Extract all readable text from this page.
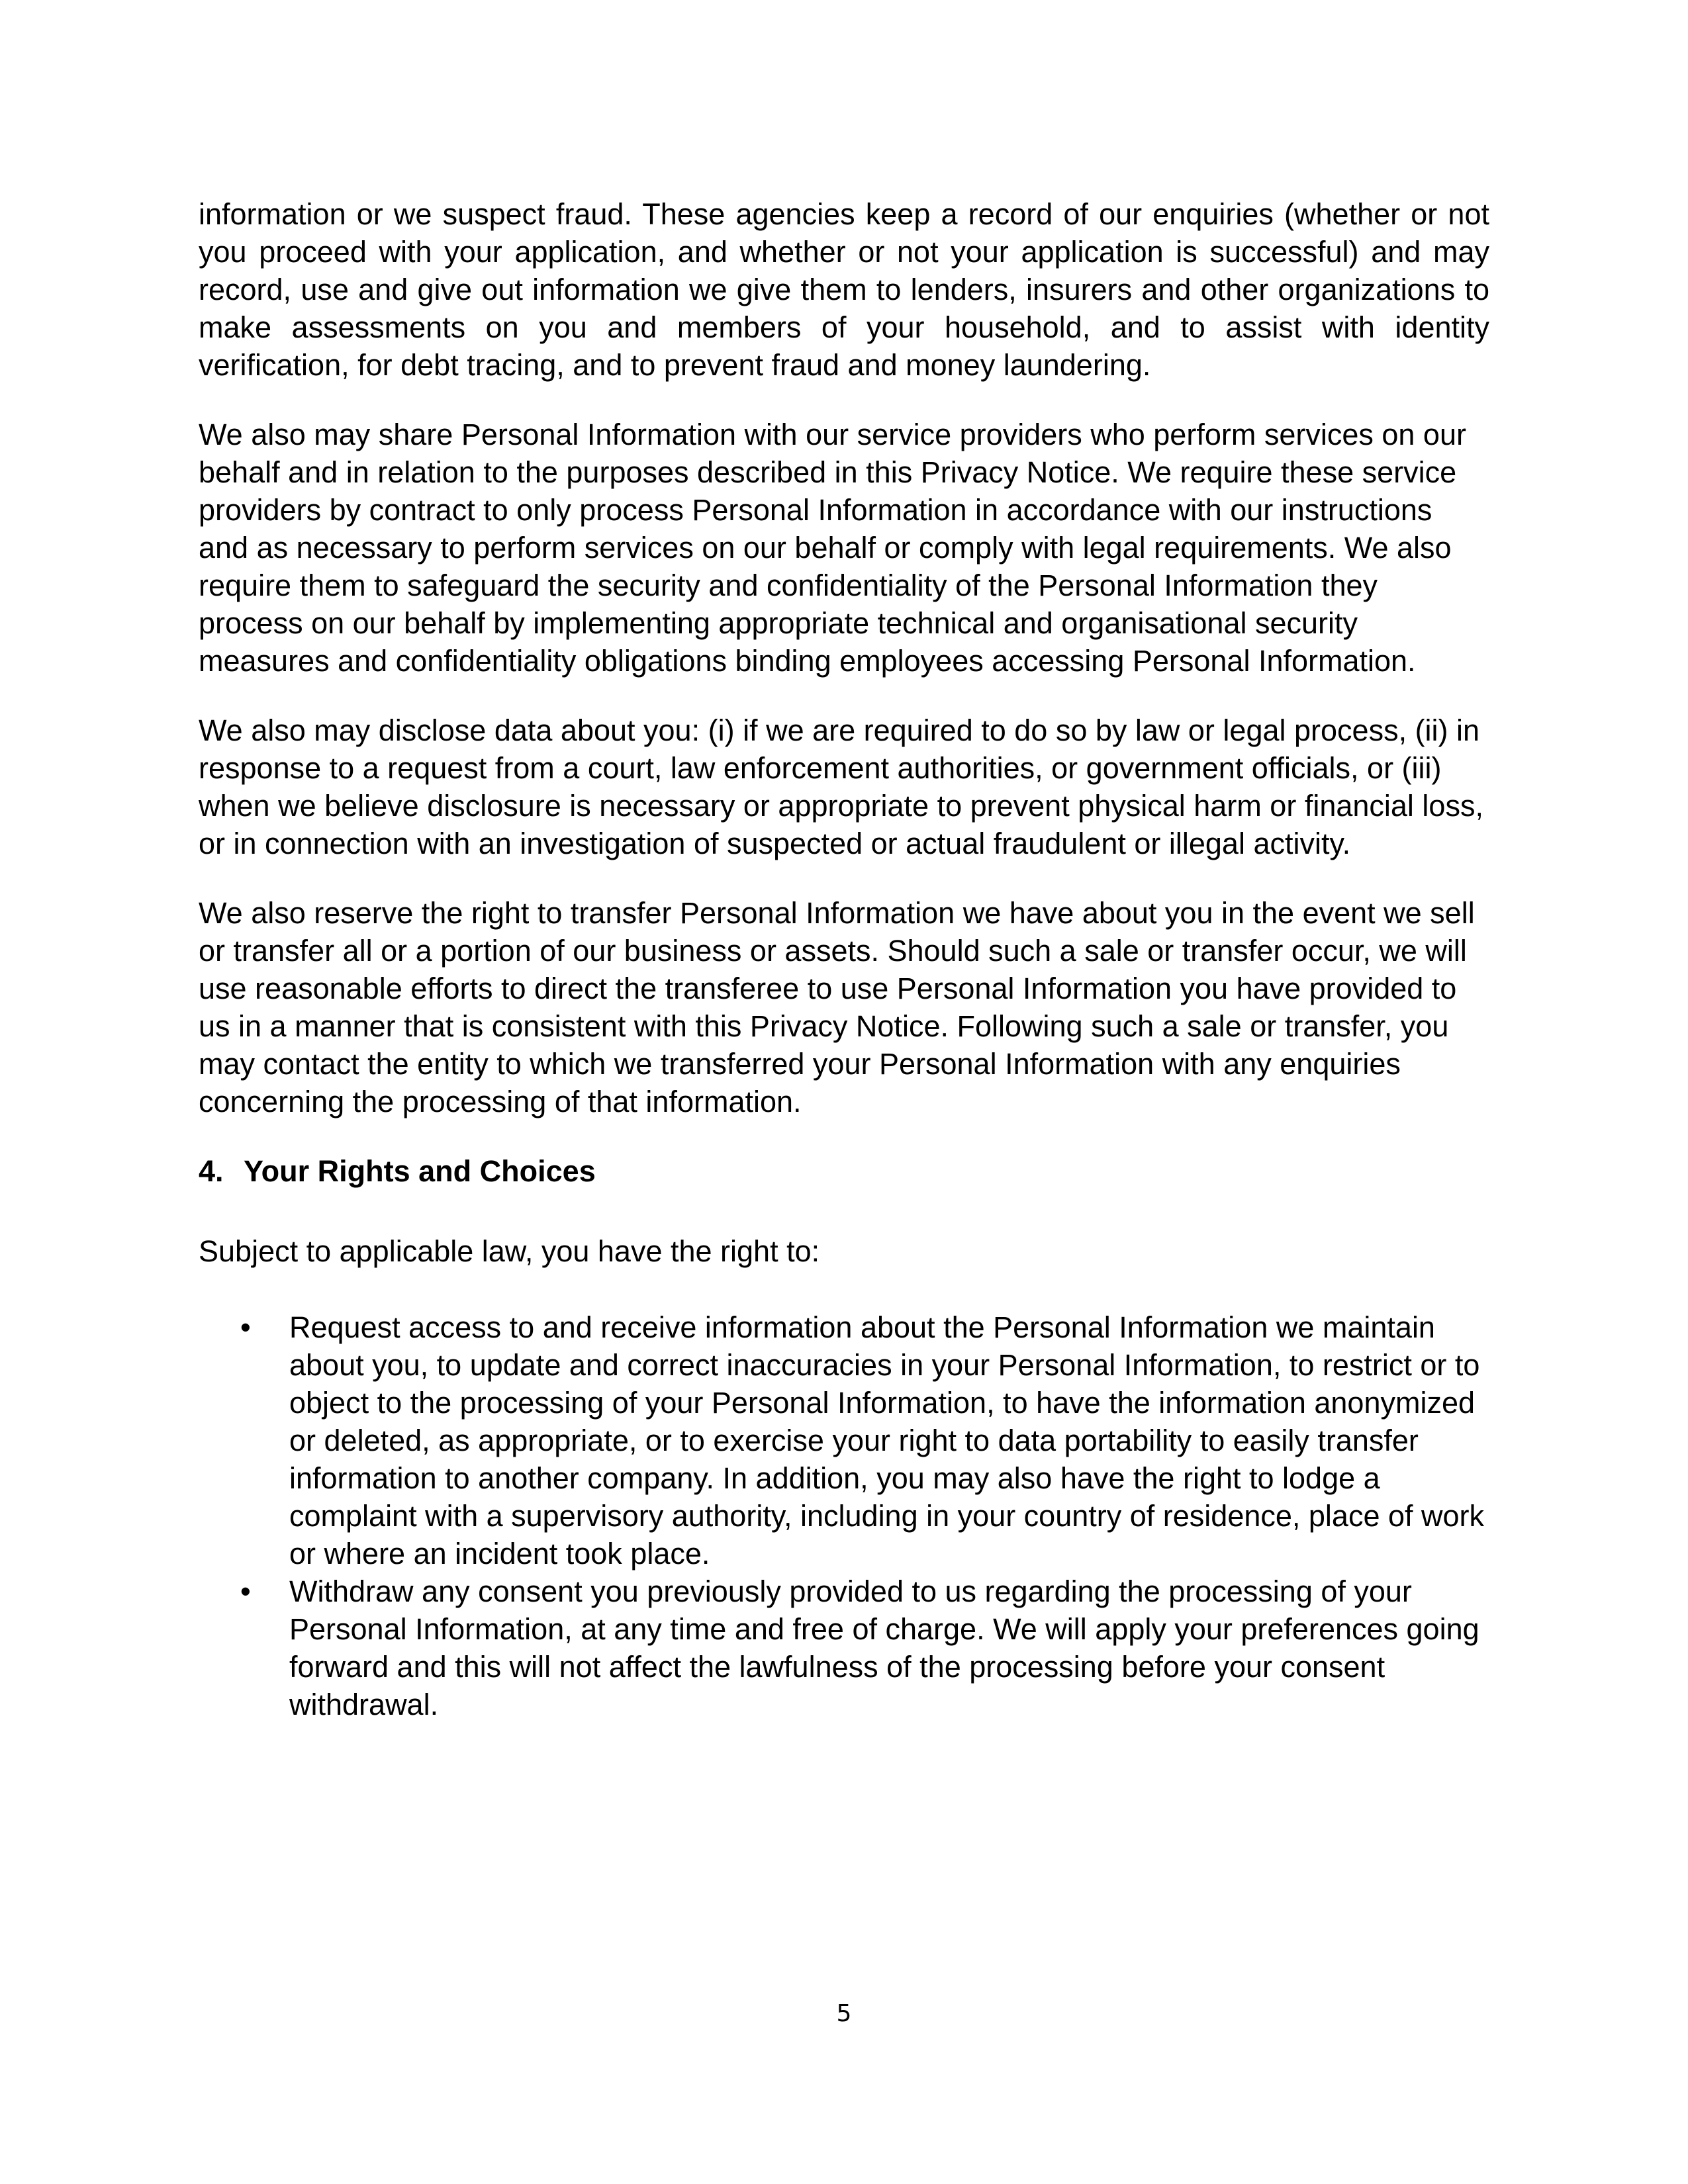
information or we suspect fraud. These agencies keep a record of our enquiries (whether or not you proceed with your application, and whether or not your application is successful) and may record, use and give out information we give them to lenders, insurers and other organizations to make assessments on you and members of your household, and to assist with identity verification, for debt tracing, and to prevent fraud and money laundering.

We also may share Personal Information with our service providers who perform services on our behalf and in relation to the purposes described in this Privacy Notice. We require these service providers by contract to only process Personal Information in accordance with our instructions and as necessary to perform services on our behalf or comply with legal requirements. We also require them to safeguard the security and confidentiality of the Personal Information they process on our behalf by implementing appropriate technical and organisational security measures and confidentiality obligations binding employees accessing Personal Information.

We also may disclose data about you: (i) if we are required to do so by law or legal process, (ii) in response to a request from a court, law enforcement authorities, or government officials, or (iii) when we believe disclosure is necessary or appropriate to prevent physical harm or financial loss, or in connection with an investigation of suspected or actual fraudulent or illegal activity.

We also reserve the right to transfer Personal Information we have about you in the event we sell or transfer all or a portion of our business or assets. Should such a sale or transfer occur, we will use reasonable efforts to direct the transferee to use Personal Information you have provided to us in a manner that is consistent with this Privacy Notice. Following such a sale or transfer, you may contact the entity to which we transferred your Personal Information with any enquiries concerning the processing of that information.

4. Your Rights and Choices

Subject to applicable law, you have the right to:

• Request access to and receive information about the Personal Information we maintain about you, to update and correct inaccuracies in your Personal Information, to restrict or to object to the processing of your Personal Information, to have the information anonymized or deleted, as appropriate, or to exercise your right to data portability to easily transfer information to another company. In addition, you may also have the right to lodge a complaint with a supervisory authority, including in your country of residence, place of work or where an incident took place.
• Withdraw any consent you previously provided to us regarding the processing of your Personal Information, at any time and free of charge. We will apply your preferences going forward and this will not affect the lawfulness of the processing before your consent withdrawal.
5
